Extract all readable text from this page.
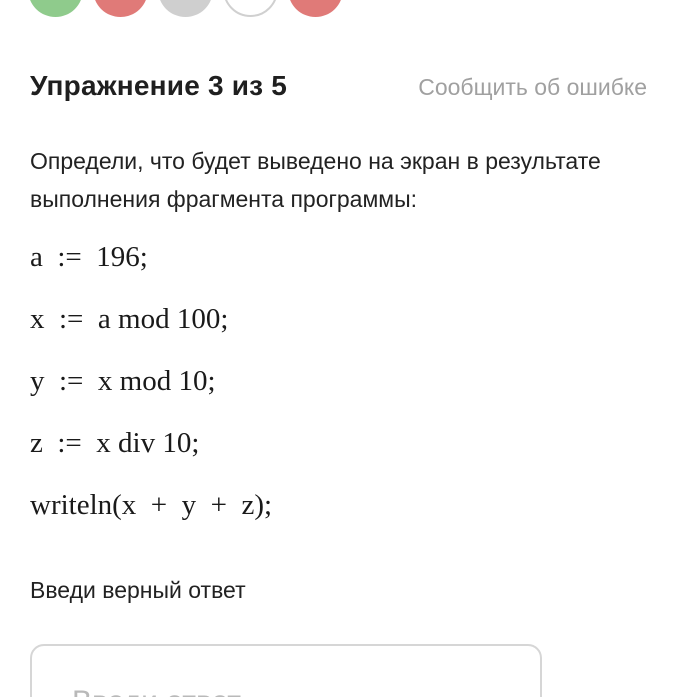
Упражнение 3 из 5	Сообщить об ошибке
Определи, что будет выведено на экран в результате выполнения фрагмента программы:
a  :=  196;
x  :=  a mod 100;
y  :=  x mod 10;
z  :=  x div 10;
writeln(x  +  y  +  z);
Введи верный ответ
Введи ответ
